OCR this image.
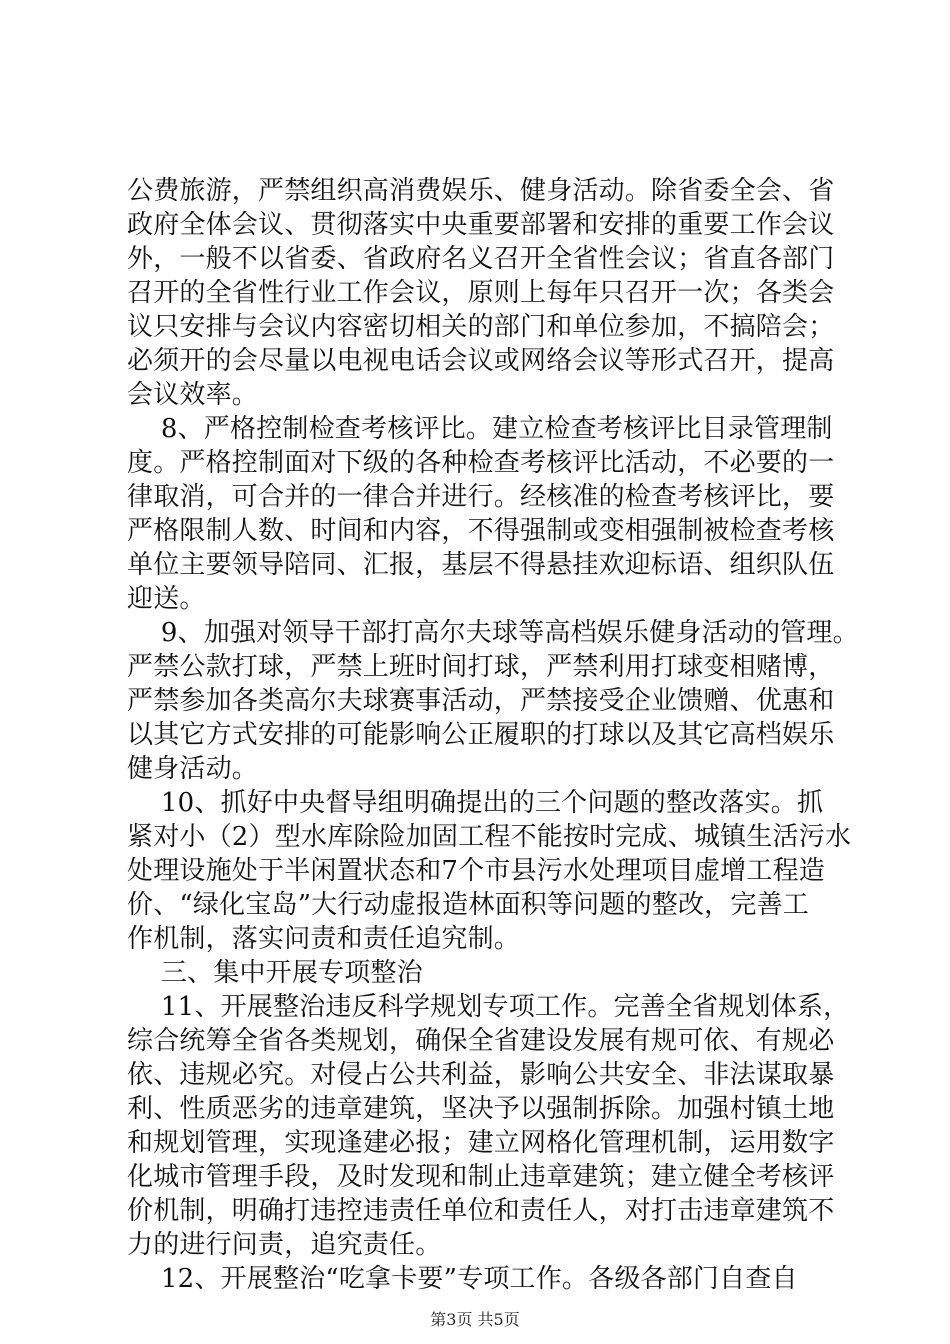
公费旅游，严禁组织高消费娱乐、健身活动。除省委全会、省
政府全体会议、贯彻落实中央重要部署和安排的重要工作会议
外，一般不以省委、省政府名义召开全省性会议；省直各部门
召开的全省性行业工作会议，原则上每年只召开一次；各类会
议只安排与会议内容密切相关的部门和单位参加，不搞陪会；
必须开的会尽量以电视电话会议或网络会议等形式召开，提高
会议效率。
8、严格控制检查考核评比。建立检查考核评比目录管理制
度。严格控制面对下级的各种检查考核评比活动，不必要的一
律取消，可合并的一律合并进行。经核准的检查考核评比，要
严格限制人数、时间和内容，不得强制或变相强制被检查考核
单位主要领导陪同、汇报，基层不得悬挂欢迎标语、组织队伍
迎送。
9、加强对领导干部打高尔夫球等高档娱乐健身活动的管理。
严禁公款打球，严禁上班时间打球，严禁利用打球变相赌博，
严禁参加各类高尔夫球赛事活动，严禁接受企业馈赠、优惠和
以其它方式安排的可能影响公正履职的打球以及其它高档娱乐
健身活动。
10、抓好中央督导组明确提出的三个问题的整改落实。抓
紧对小（2）型水库除险加固工程不能按时完成、城镇生活污水
处理设施处于半闲置状态和7个市县污水处理项目虚增工程造
价、“绿化宝岛”大行动虚报造林面积等问题的整改，完善工
作机制，落实问责和责任追究制。
三、集中开展专项整治
11、开展整治违反科学规划专项工作。完善全省规划体系，
综合统筹全省各类规划，确保全省建设发展有规可依、有规必
依、违规必究。对侵占公共利益，影响公共安全、非法谋取暴
利、性质恶劣的违章建筑，坚决予以强制拆除。加强村镇土地
和规划管理，实现逢建必报；建立网格化管理机制，运用数字
化城市管理手段，及时发现和制止违章建筑；建立健全考核评
价机制，明确打违控违责任单位和责任人，对打击违章建筑不
力的进行问责，追究责任。
12、开展整治“吃拿卡要”专项工作。各级各部门自查自
第3页 共5页
